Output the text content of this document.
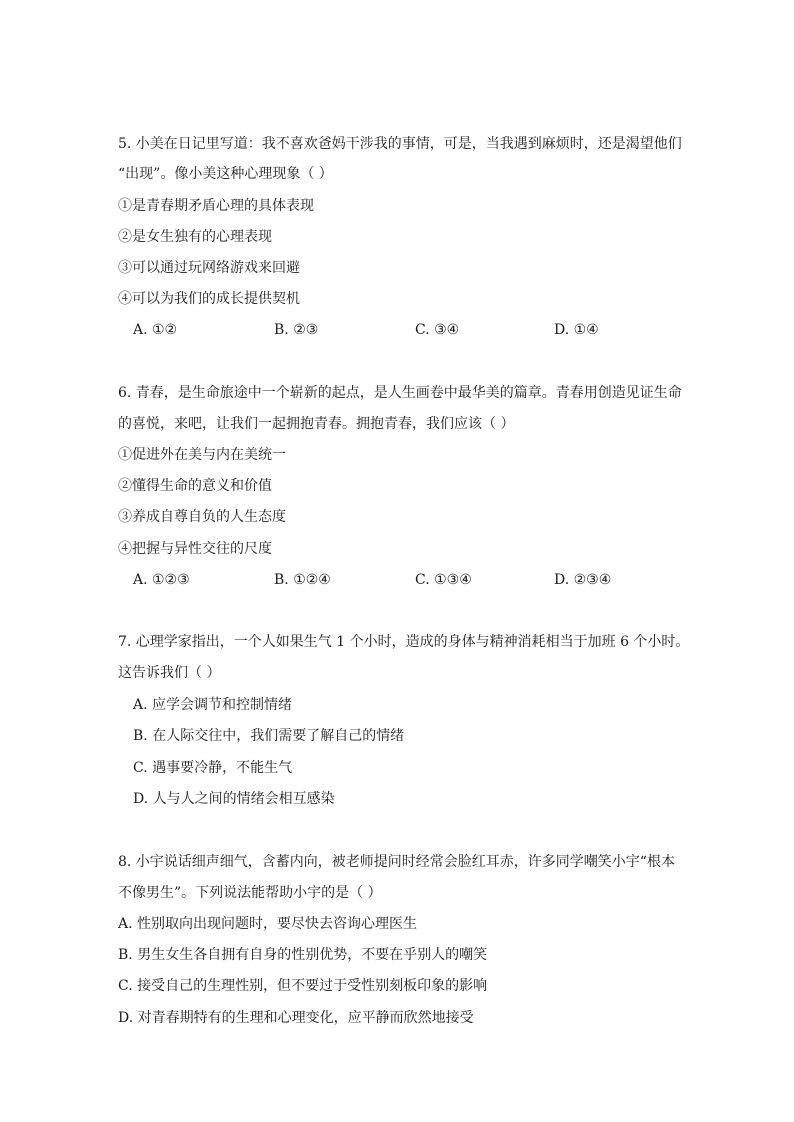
5. 小美在日记里写道：我不喜欢爸妈干涉我的事情，可是，当我遇到麻烦时，还是渴望他们
“出现”。像小美这种心理现象（ ）
①是青春期矛盾心理的具体表现
②是女生独有的心理表现
③可以通过玩网络游戏来回避
④可以为我们的成长提供契机
A. ①②	B. ②③	C. ③④	D. ①④
6. 青春，是生命旅途中一个崭新的起点，是人生画卷中最华美的篇章。青春用创造见证生命
的喜悦，来吧，让我们一起拥抱青春。拥抱青春，我们应该（ ）
①促进外在美与内在美统一
②懂得生命的意义和价值
③养成自尊自负的人生态度
④把握与异性交往的尺度
A. ①②③	B. ①②④	C. ①③④	D. ②③④
7. 心理学家指出，一个人如果生气 1 个小时，造成的身体与精神消耗相当于加班 6 个小时。
这告诉我们（ ）
A. 应学会调节和控制情绪
B. 在人际交往中，我们需要了解自己的情绪
C. 遇事要冷静，不能生气
D. 人与人之间的情绪会相互感染
8. 小宇说话细声细气，含蓄内向，被老师提问时经常会脸红耳赤，许多同学嘲笑小宇“根本
不像男生”。下列说法能帮助小宇的是（ ）
A. 性别取向出现问题时，要尽快去咨询心理医生
B. 男生女生各自拥有自身的性别优势，不要在乎别人的嘲笑
C. 接受自己的生理性别，但不要过于受性别刻板印象的影响
D. 对青春期特有的生理和心理变化，应平静而欣然地接受
